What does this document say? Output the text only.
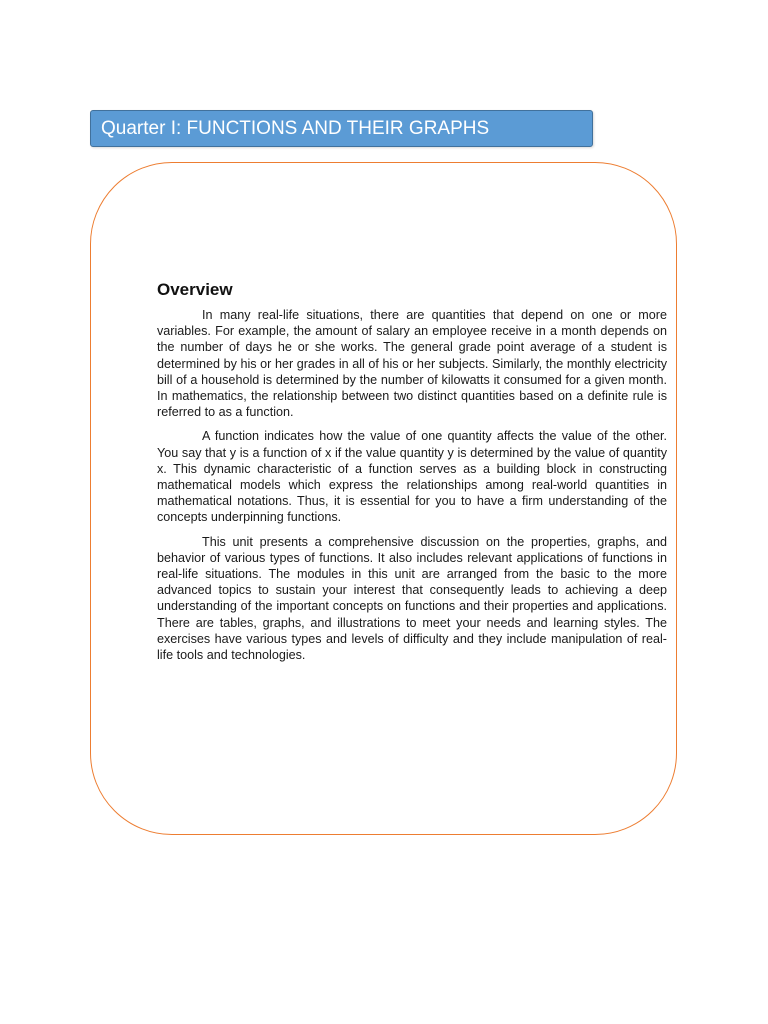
Quarter I: FUNCTIONS AND THEIR GRAPHS
Overview

In many real-life situations, there are quantities that depend on one or more variables. For example, the amount of salary an employee receive in a month depends on the number of days he or she works. The general grade point average of a student is determined by his or her grades in all of his or her subjects. Similarly, the monthly electricity bill of a household is determined by the number of kilowatts it consumed for a given month. In mathematics, the relationship between two distinct quantities based on a definite rule is referred to as a function.

A function indicates how the value of one quantity affects the value of the other. You say that y is a function of x if the value quantity y is determined by the value of quantity x. This dynamic characteristic of a function serves as a building block in constructing mathematical models which express the relationships among real-world quantities in mathematical notations. Thus, it is essential for you to have a firm understanding of the concepts underpinning functions.

This unit presents a comprehensive discussion on the properties, graphs, and behavior of various types of functions. It also includes relevant applications of functions in real-life situations. The modules in this unit are arranged from the basic to the more advanced topics to sustain your interest that consequently leads to achieving a deep understanding of the important concepts on functions and their properties and applications. There are tables, graphs, and illustrations to meet your needs and learning styles. The exercises have various types and levels of difficulty and they include manipulation of real-life tools and technologies.
